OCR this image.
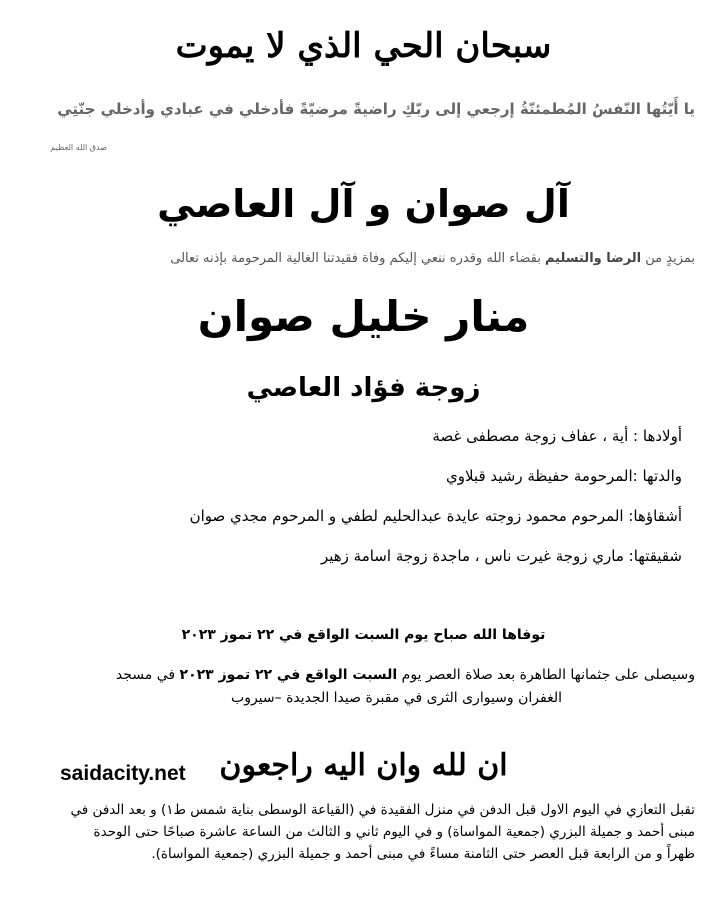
سبحان الحي الذي لا يموت
يا أَيّتُها النّفسُ المُطمئنّةُ إرجعي إلى ربّكِ راضيةً مرضيّةً فأدخلي في عبادي وأدخلي جنّتِي
صدق الله العظيم
آل صوان و آل العاصي
بمزيدٍ من الرضا والتسليم بقضاء الله وقدره ننعي إليكم وفاة فقيدتنا الغالية المرحومة بإذنه تعالى
منار خليل صوان
زوجة فؤاد العاصي
أولادها : أية ، عفاف زوجة مصطفى غصة
والدتها :المرحومة حفيظة رشيد قبلاوي
أشقاؤها: المرحوم محمود زوجته عايدة عبدالحليم لطفي و المرحوم مجدي صوان
شقيقتها: ماري زوجة غيرت ناس ، ماجدة زوجة اسامة زهير
توفاها الله صباح يوم السبت الواقع في ٢٢ تموز ٢٠٢٣
وسيصلى على جثمانها الطاهرة بعد صلاة العصر يوم السبت الواقع في ٢٢ تموز ٢٠٢٣ في مسجد
الغفران وسيوارى الثرى في مقبرة صيدا الجديدة –سيروب
ان لله وان اليه راجعون
saidacity.net
تقبل التعازي في اليوم الاول قبل الدفن في منزل الفقيدة في (القياعة الوسطى بناية شمس ط١) و بعد الدفن في
مبنى أحمد و جميلة البزري (جمعية المواساة) و في اليوم ثاني و الثالث من الساعة عاشرة صباحًا حتى الوحدة
ظهراً و من الرابعة قبل العصر حتى الثامنة مساءً في مبنى أحمد و جميلة البزري (جمعية المواساة).
